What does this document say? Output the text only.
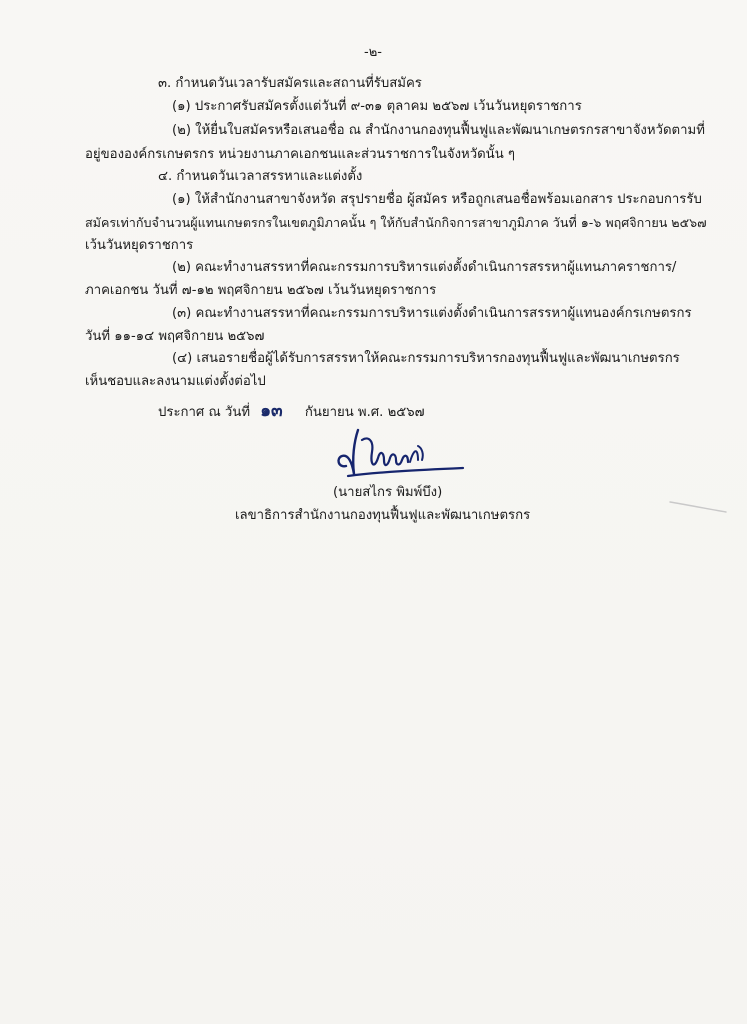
-๒-
๓. กำหนดวันเวลารับสมัครและสถานที่รับสมัคร
(๑) ประกาศรับสมัครตั้งแต่วันที่ ๙-๓๑ ตุลาคม ๒๕๖๗ เว้นวันหยุดราชการ
(๒) ให้ยื่นใบสมัครหรือเสนอชื่อ ณ สำนักงานกองทุนฟื้นฟูและพัฒนาเกษตรกรสาขาจังหวัดตามที่
อยู่ขององค์กรเกษตรกร หน่วยงานภาคเอกชนและส่วนราชการในจังหวัดนั้น ๆ
๔. กำหนดวันเวลาสรรหาและแต่งตั้ง
(๑) ให้สำนักงานสาขาจังหวัด สรุปรายชื่อ ผู้สมัคร หรือถูกเสนอชื่อพร้อมเอกสาร ประกอบการรับ
สมัครเท่ากับจำนวนผู้แทนเกษตรกรในเขตภูมิภาคนั้น ๆ ให้กับสำนักกิจการสาขาภูมิภาค วันที่ ๑-๖ พฤศจิกายน ๒๕๖๗
เว้นวันหยุดราชการ
(๒) คณะทำงานสรรหาที่คณะกรรมการบริหารแต่งตั้งดำเนินการสรรหาผู้แทนภาคราชการ/
ภาคเอกชน วันที่ ๗-๑๒ พฤศจิกายน ๒๕๖๗ เว้นวันหยุดราชการ
(๓) คณะทำงานสรรหาที่คณะกรรมการบริหารแต่งตั้งดำเนินการสรรหาผู้แทนองค์กรเกษตรกร
วันที่ ๑๑-๑๔ พฤศจิกายน ๒๕๖๗
(๔) เสนอรายชื่อผู้ได้รับการสรรหาให้คณะกรรมการบริหารกองทุนฟื้นฟูและพัฒนาเกษตรกร
เห็นชอบและลงนามแต่งตั้งต่อไป
ประกาศ ณ วันที่ ๑๓ กันยายน พ.ศ. ๒๕๖๗
(นายสไกร พิมพ์บึง)
เลขาธิการสำนักงานกองทุนฟื้นฟูและพัฒนาเกษตรกร
